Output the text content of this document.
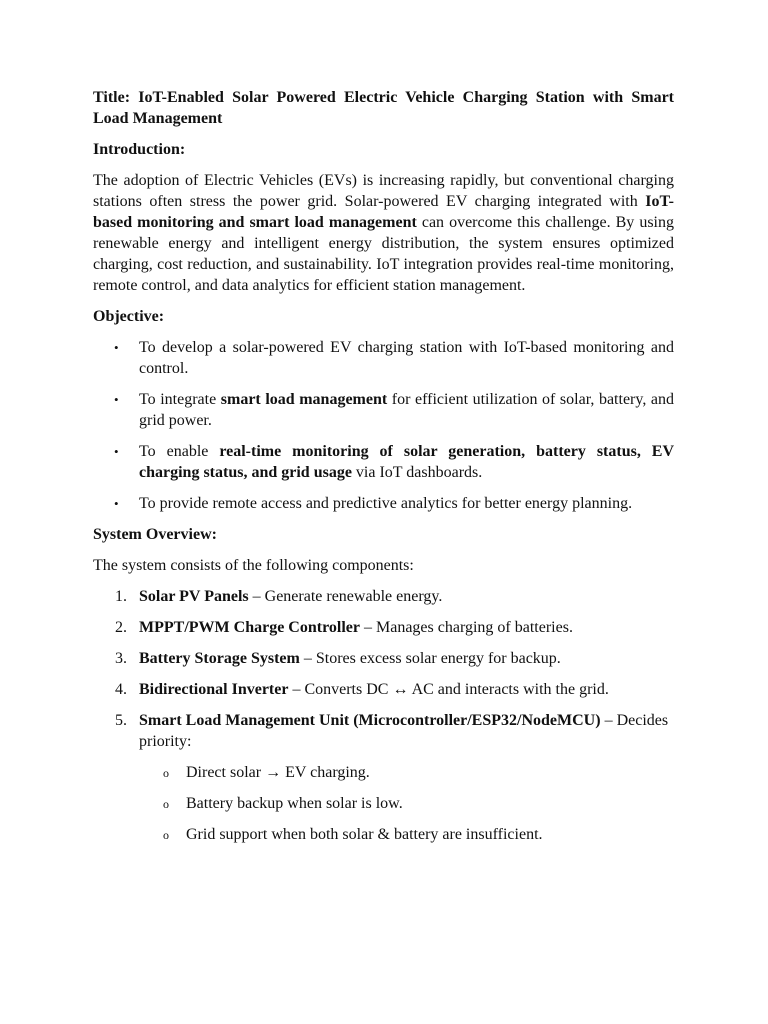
Title: IoT-Enabled Solar Powered Electric Vehicle Charging Station with Smart Load Management

Introduction:

The adoption of Electric Vehicles (EVs) is increasing rapidly, but conventional charging stations often stress the power grid. Solar-powered EV charging integrated with IoT-based monitoring and smart load management can overcome this challenge. By using renewable energy and intelligent energy distribution, the system ensures optimized charging, cost reduction, and sustainability. IoT integration provides real-time monitoring, remote control, and data analytics for efficient station management.

Objective:

• To develop a solar-powered EV charging station with IoT-based monitoring and control.
• To integrate smart load management for efficient utilization of solar, battery, and grid power.
• To enable real-time monitoring of solar generation, battery status, EV charging status, and grid usage via IoT dashboards.
• To provide remote access and predictive analytics for better energy planning.

System Overview:

The system consists of the following components:

1. Solar PV Panels – Generate renewable energy.
2. MPPT/PWM Charge Controller – Manages charging of batteries.
3. Battery Storage System – Stores excess solar energy for backup.
4. Bidirectional Inverter – Converts DC ↔ AC and interacts with the grid.
5. Smart Load Management Unit (Microcontroller/ESP32/NodeMCU) – Decides priority:
o Direct solar → EV charging.
o Battery backup when solar is low.
o Grid support when both solar & battery are insufficient.
